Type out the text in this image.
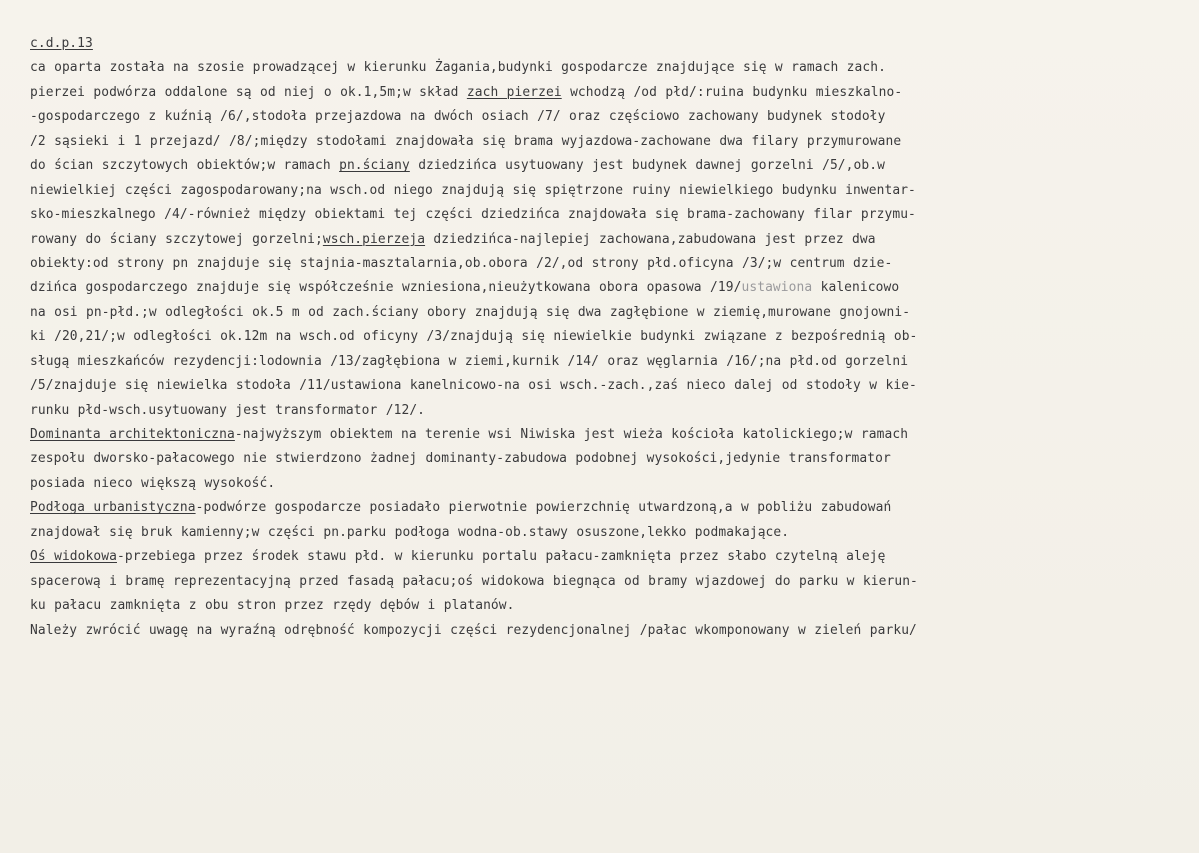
c.d.p.13
ca oparta została na szosie prowadzącej w kierunku Żagania,budynki gospodarcze znajdujące się w ramach zach.
pierzei podwórza oddalone są od niej o ok.1,5m;w skład zach pierzei wchodzą /od płd/:ruina budynku mieszkalno-
-gospodarczego z kuźnią /6/,stodoła przejazdowa na dwóch osiach /7/ oraz częściowo zachowany budynek stodoły
/2 sąsieki i 1 przejazd/ /8/;między stodołami znajdowała się brama wyjazdowa-zachowane dwa filary przymurowane
do ścian szczytowych obiektów;w ramach pn.ściany dziedzińca usytuowany jest budynek dawnej gorzelni /5/,ob.w
niewielkiej części zagospodarowany;na wsch.od niego znajdują się spiętrzone ruiny niewielkiego budynku inwentar-
sko-mieszkalnego /4/-również między obiektami tej części dziedzińca znajdowała się brama-zachowany filar przymu-
rowany do ściany szczytowej gorzelni;wsch.pierzeja dziedzińca-najlepiej zachowana,zabudowana jest przez dwa
obiekty:od strony pn znajduje się stajnia-masztalarnia,ob.obora /2/,od strony płd.oficyna /3/;w centrum dzie-
dzińca gospodarczego znajduje się współcześnie wzniesiona,nieużytkowana obora opasowa /19/ustawiona kalenicowo
na osi pn-płd.;w odległości ok.5 m od zach.ściany obory znajdują się dwa zagłębione w ziemię,murowane gnojowni-
ki /20,21/;w odległości ok.12m na wsch.od oficyny /3/znajdują się niewielkie budynki związane z bezpośrednią ob-
sługą mieszkańców rezydencji:lodownia /13/zagłębiona w ziemi,kurnik /14/ oraz węglarnia /16/;na płd.od gorzelni
/5/znajduje się niewielka stodoła /11/ustawiona kanelnicowo-na osi wsch.-zach.,zaś nieco dalej od stodoły w kie-
runku płd-wsch.usytuowany jest transformator /12/.
Dominanta architektoniczna-najwyższym obiektem na terenie wsi Niwiska jest wieża kościoła katolickiego;w ramach
zespołu dworsko-pałacowego nie stwierdzono żadnej dominanty-zabudowa podobnej wysokości,jedynie transformator
posiada nieco większą wysokość.
Podłoga urbanistyczna-podwórze gospodarcze posiadało pierwotnie powierzchnię utwardzoną,a w pobliżu zabudowań
znajdował się bruk kamienny;w części pn.parku podłoga wodna-ob.stawy osuszone,lekko podmakające.
Oś widokowa-przebiega przez środek stawu płd. w kierunku portalu pałacu-zamknięta przez słabo czytelną aleję
spacerową i bramę reprezentacyjną przed fasadą pałacu;oś widokowa biegnąca od bramy wjazdowej do parku w kierun-
ku pałacu zamknięta z obu stron przez rzędy dębów i platanów.
Należy zwrócić uwagę na wyraźną odrębność kompozycji części rezydencjonalnej /pałac wkomponowany w zieleń parku/
